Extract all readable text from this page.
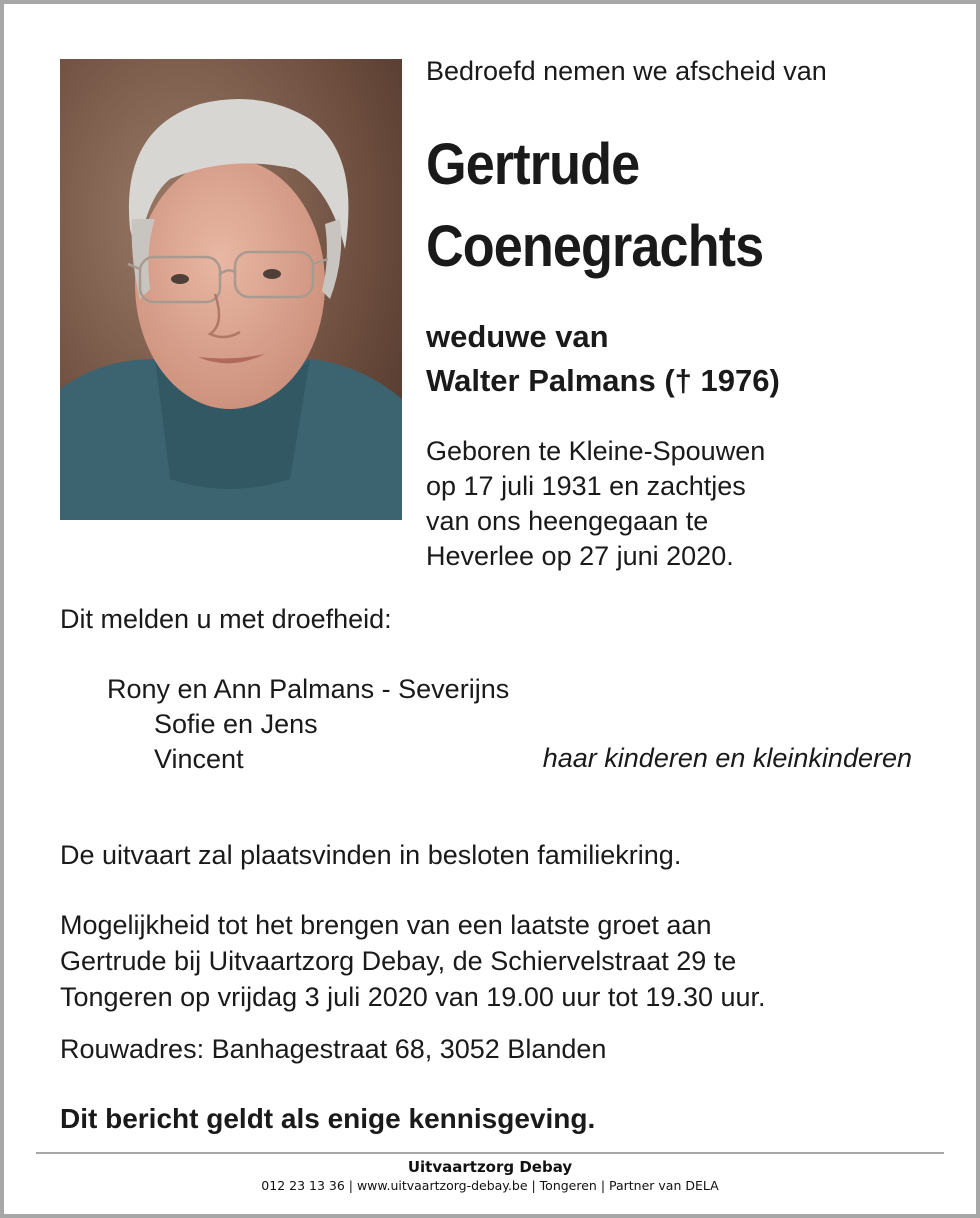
Bedroefd nemen we afscheid van
Gertrude
Coenegrachts
weduwe van
Walter Palmans († 1976)
Geboren te Kleine-Spouwen
op 17 juli 1931 en zachtjes
van ons heengegaan te
Heverlee op 27 juni 2020.
Dit melden u met droefheid:
Rony en Ann Palmans - Severijns
Sofie en Jens
Vincent	haar kinderen en kleinkinderen
De uitvaart zal plaatsvinden in besloten familiekring.
Mogelijkheid tot het brengen van een laatste groet aan
Gertrude bij Uitvaartzorg Debay, de Schiervelstraat 29 te
Tongeren op vrijdag 3 juli 2020 van 19.00 uur tot 19.30 uur.
Rouwadres: Banhagestraat 68, 3052 Blanden
Dit bericht geldt als enige kennisgeving.
Uitvaartzorg Debay
012 23 13 36 | www.uitvaartzorg-debay.be | Tongeren | Partner van DELA
